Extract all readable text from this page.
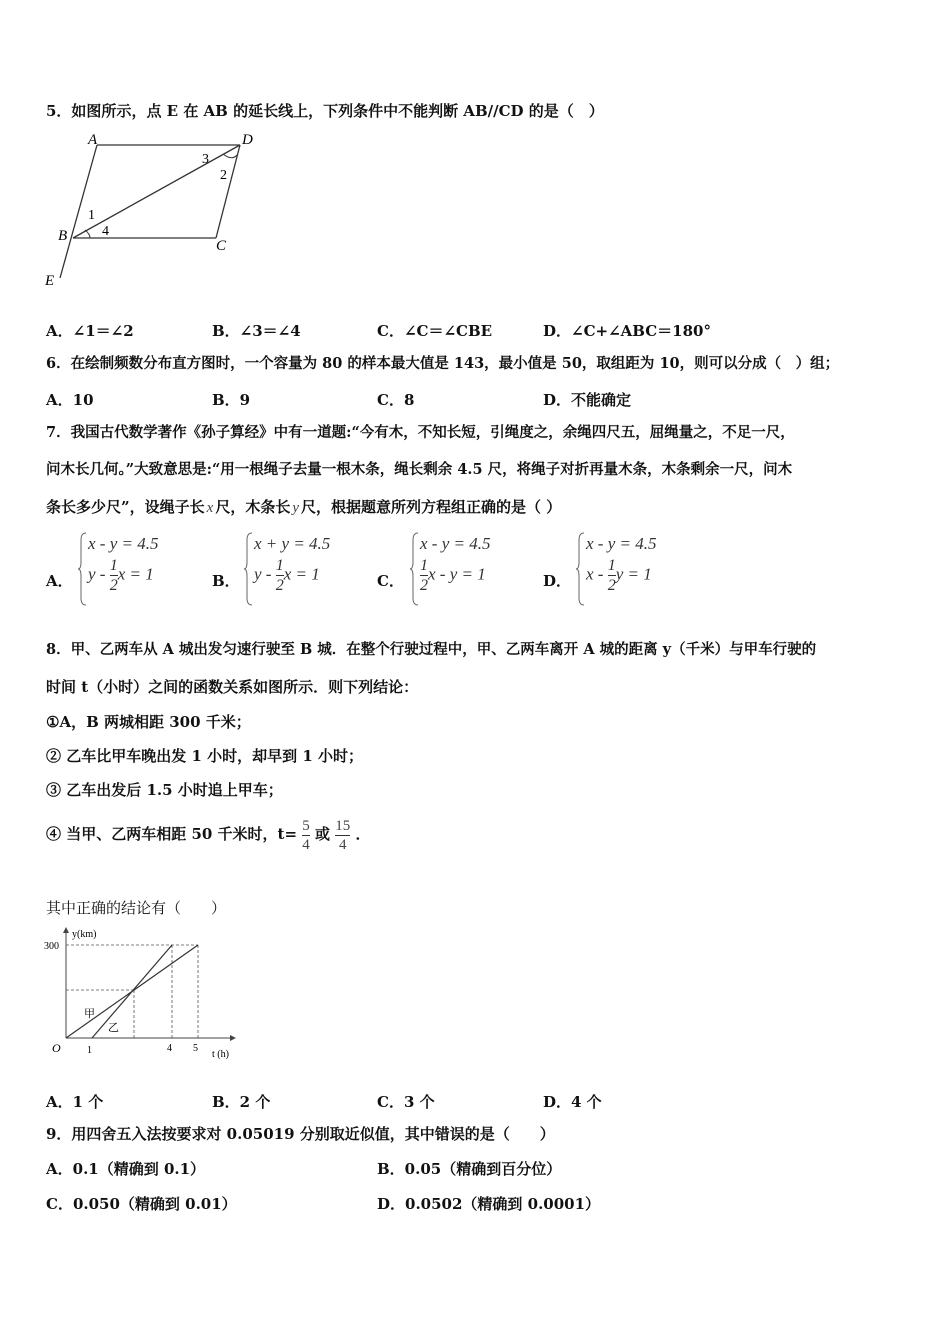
5．如图所示，点 E 在 AB 的延长线上，下列条件中不能判断 AB//CD 的是（　）
A	D
B
C
E
1
2
3
4
A．∠1＝∠2	B．∠3＝∠4	C．∠C＝∠CBE	D．∠C+∠ABC＝180°
6．在绘制频数分布直方图时，一个容量为 80 的样本最大值是 143，最小值是 50，取组距为 10，则可以分成（　）组；
A．10	B．9	C．8	D．不能确定
7．我国古代数学著作《孙子算经》中有一道题:“今有木，不知长短，引绳度之，余绳四尺五，屈绳量之，不足一尺，
问木长几何。”大致意思是:“用一根绳子去量一根木条，绳长剩余 4.5 尺，将绳子对折再量木条，木条剩余一尺，问木
条长多少尺”，设绳子长 x 尺，木条长 y 尺，根据题意所列方程组正确的是（ ）
A．
x - y = 4.5
y - $\frac{1}{2}$ x = 1	B．
x + y = 4.5
y - $\frac{1}{2}$ x = 1	C．
x - y = 4.5
$\frac{1}{2}$ x - y = 1	D．
x - y = 4.5
x - $\frac{1}{2}$ y = 1
8．甲、乙两车从 A 城出发匀速行驶至 B 城．在整个行驶过程中，甲、乙两车离开 A 城的距离 y（千米）与甲车行驶的
时间 t（小时）之间的函数关系如图所示．则下列结论：
①A，B 两城相距 300 千米；
② 乙车比甲车晚出发 1 小时，却早到 1 小时；
③ 乙车出发后 1.5 小时追上甲车；
④ 当甲、乙两车相距 50 千米时，$t= \frac{5}{4}$ 或 $\frac{15}{4}$ ．
其中正确的结论有（　　）
300
y(km)
t (h)
O	1	4 5
甲
乙
A．1 个	B．2 个	C．3 个	D．4 个
9．用四舍五入法按要求对 0.05019 分别取近似值，其中错误的是（　　）
A．0.1（精确到 0.1）	B．0.05（精确到百分位）
C．0.050（精确到 0.01）	D．0.0502（精确到 0.0001）
